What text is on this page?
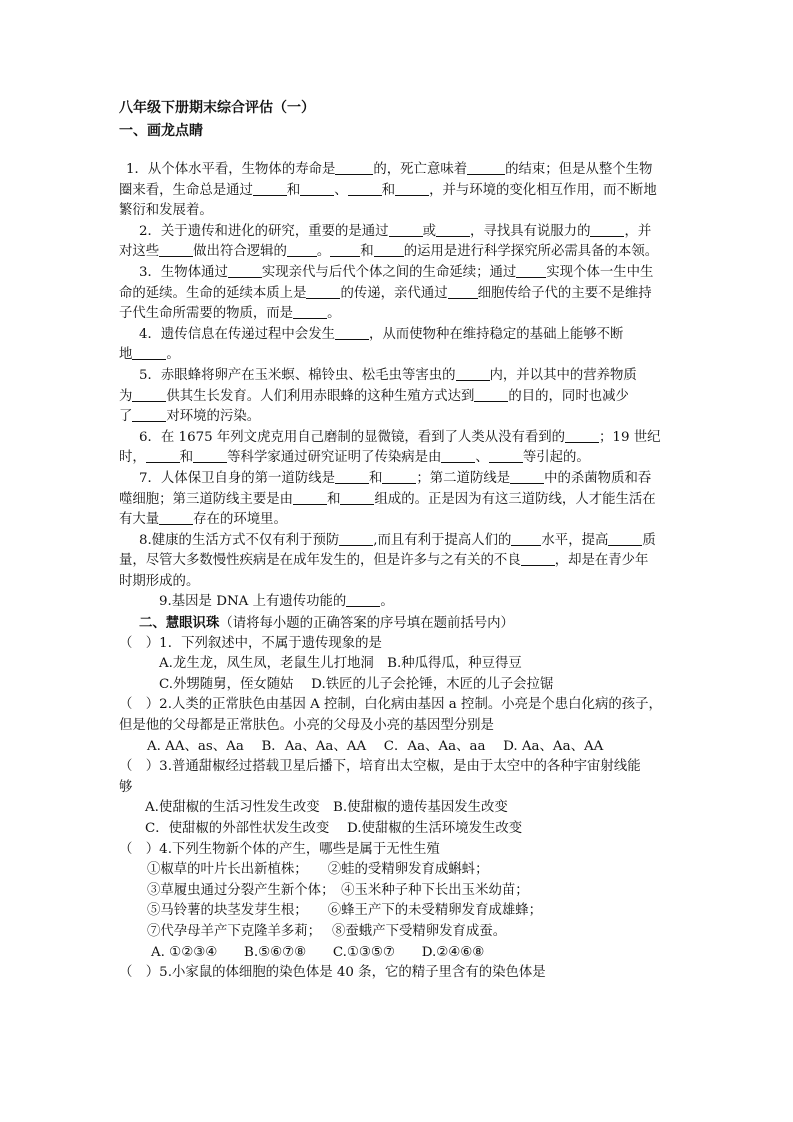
八年级下册期末综合评估（一）
一、画龙点睛
1．从个体水平看，生物体的寿命是	的，死亡意味着	的结束；但是从整个生物
圈来看，生命总是通过	和	、	和	，并与环境的变化相互作用，而不断地
繁衍和发展着。
2．关于遗传和进化的研究，重要的是通过	或	，寻找具有说服力的	，并
对这些	做出符合逻辑的 。 和 的运用是进行科学探究所必需具备的本领。
3．生物体通过	实现亲代与后代个体之间的生命延续；通过 实现个体一生中生
命的延续。生命的延续本质上是	的传递，亲代通过 细胞传给子代的主要不是维持
子代生命所需要的物质，而是	。
4．遗传信息在传递过程中会发生	，从而使物种在维持稳定的基础上能够不断
地	。
5．赤眼蜂将卵产在玉米螟、棉铃虫、松毛虫等害虫的	内，并以其中的营养物质
为	供其生长发育。人们利用赤眼蜂的这种生殖方式达到	的目的，同时也减少
了	对环境的污染。
6．在 1675 年列文虎克用自己磨制的显微镜，看到了人类从没有看到的	；19 世纪
时，	和	等科学家通过研究证明了传染病是由	、	等引起的。
7．人体保卫自身的第一道防线是	和	；第二道防线是	中的杀菌物质和吞
噬细胞；第三道防线主要是由	和	组成的。正是因为有这三道防线，人才能生活在
有大量	存在的环境里。
8.健康的生活方式不仅有利于预防	,而且有利于提高人们的 水平，提高	质
量，尽管大多数慢性疾病是在成年发生的，但是许多与之有关的不良	，却是在青少年
时期形成的。
9.基因是 DNA 上有遗传功能的	。
二、慧眼识珠（请将每小题的正确答案的序号填在题前括号内）
（　）1．下列叙述中，不属于遗传现象的是
A.龙生龙，凤生凤，老鼠生儿打地洞　B.种瓜得瓜，种豆得豆
C.外甥随舅，侄女随姑　 D.铁匠的儿子会抡锤，木匠的儿子会拉锯
（　）2.人类的正常肤色由基因 A 控制，白化病由基因 a 控制。小亮是个患白化病的孩子，
但是他的父母都是正常肤色。小亮的父母及小亮的基因型分别是
A. AA、as、Aa　 B．Aa、Aa、AA　 C．Aa、Aa、aa　 D. Aa、Aa、AA
（　）3.普通甜椒经过搭载卫星后播下，培育出太空椒，是由于太空中的各种宇宙射线能
够
A.使甜椒的生活习性发生改变　B.使甜椒的遗传基因发生改变
C．使甜椒的外部性状发生改变　 D.使甜椒的生活环境发生改变
（　）4.下列生物新个体的产生，哪些是属于无性生殖
①椒草的叶片长出新植株；　　②蛙的受精卵发育成蝌蚪；
③草履虫通过分裂产生新个体；　④玉米种子种下长出玉米幼苗；
⑤马铃薯的块茎发芽生根；　　⑥蜂王产下的未受精卵发育成雄蜂；
⑦代孕母羊产下克隆羊多莉；　 ⑧蚕蛾产下受精卵发育成蚕。
A. ①②③④　　B.⑤⑥⑦⑧　　C.①③⑤⑦　　D.②④⑥⑧
（　）5.小家鼠的体细胞的染色体是 40 条，它的精子里含有的染色体是
